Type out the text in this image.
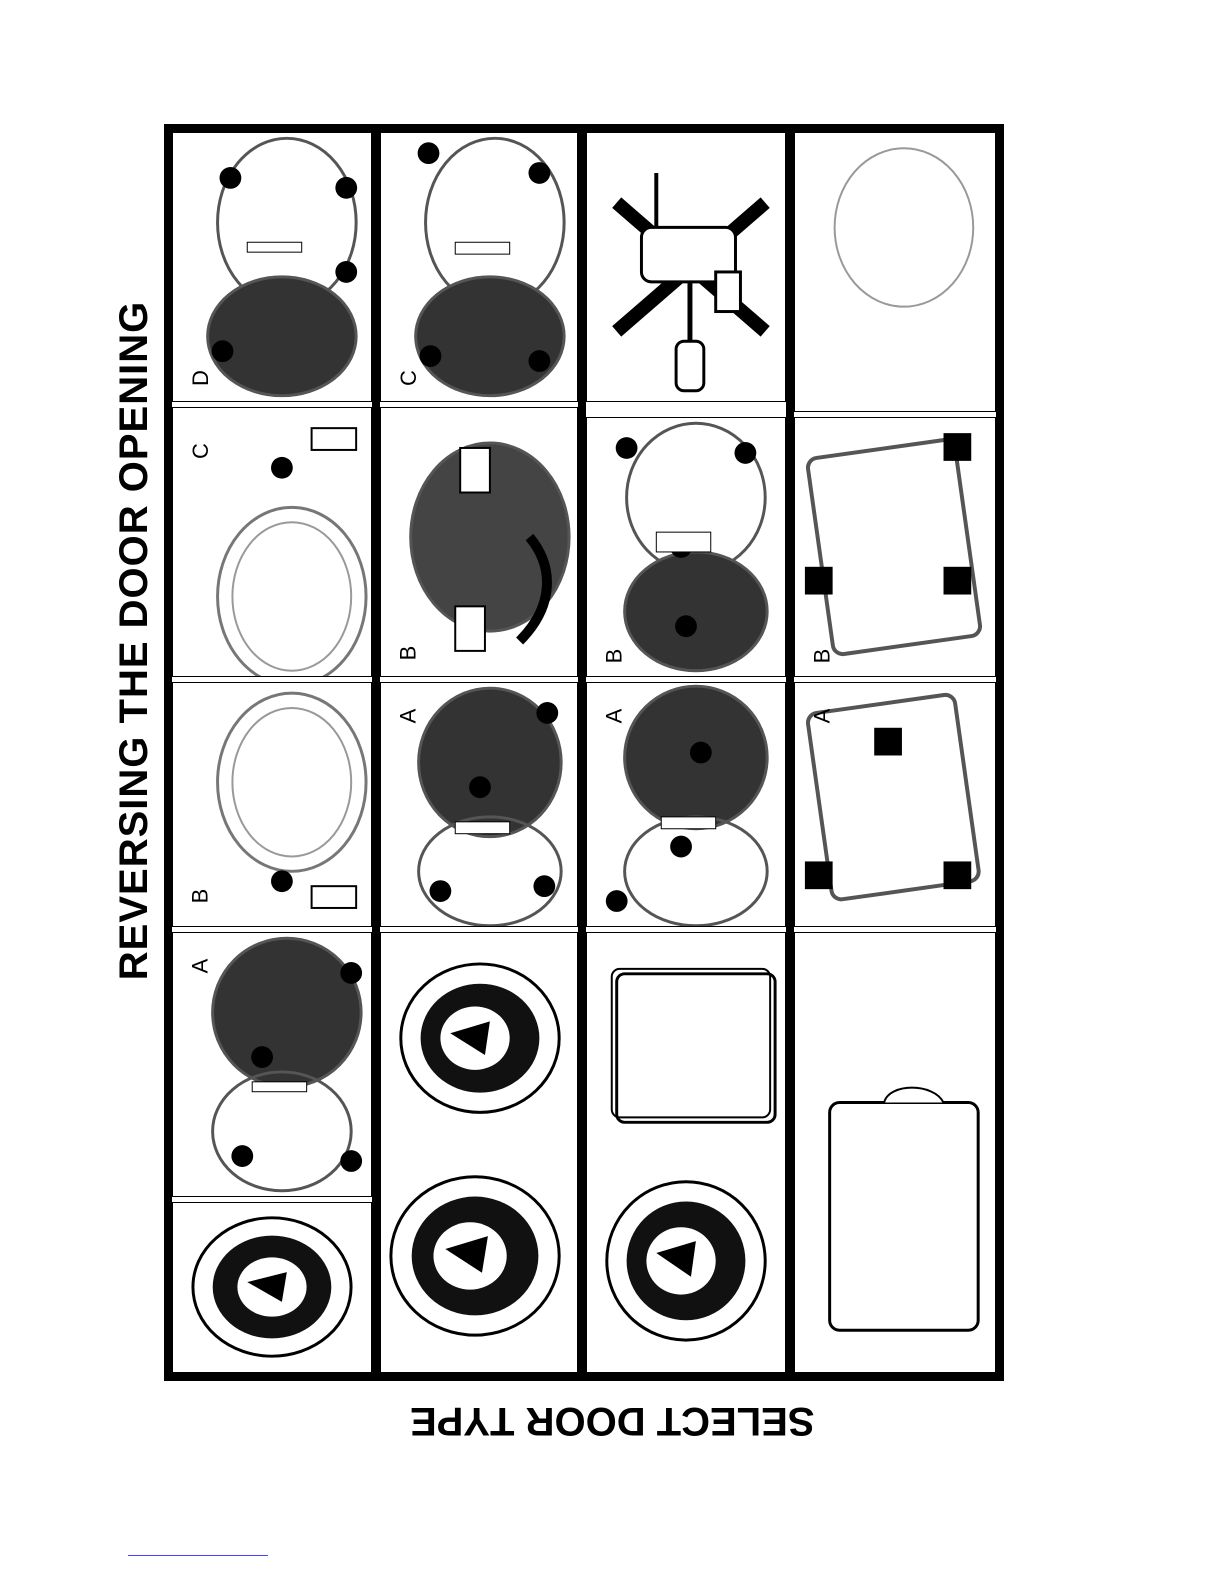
REVERSING THE DOOR OPENING
SELECT DOOR TYPE
D
C
B
A
C
B
A
B
A
B
A
